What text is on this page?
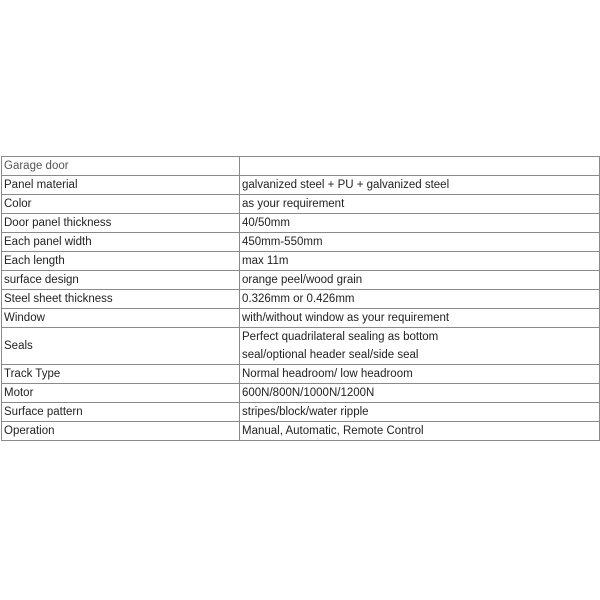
Garage door	
Panel material	galvanized steel + PU + galvanized steel
Color	as your requirement
Door panel thickness	40/50mm
Each panel width	450mm-550mm
Each length	max 11m
surface design	orange peel/wood grain
Steel sheet thickness	0.326mm or 0.426mm
Window	with/without window as your requirement
Seals	Perfect quadrilateral sealing as bottom seal/optional header seal/side seal
Track Type	Normal headroom/ low headroom
Motor	600N/800N/1000N/1200N
Surface pattern	stripes/block/water ripple
Operation	Manual, Automatic, Remote Control
